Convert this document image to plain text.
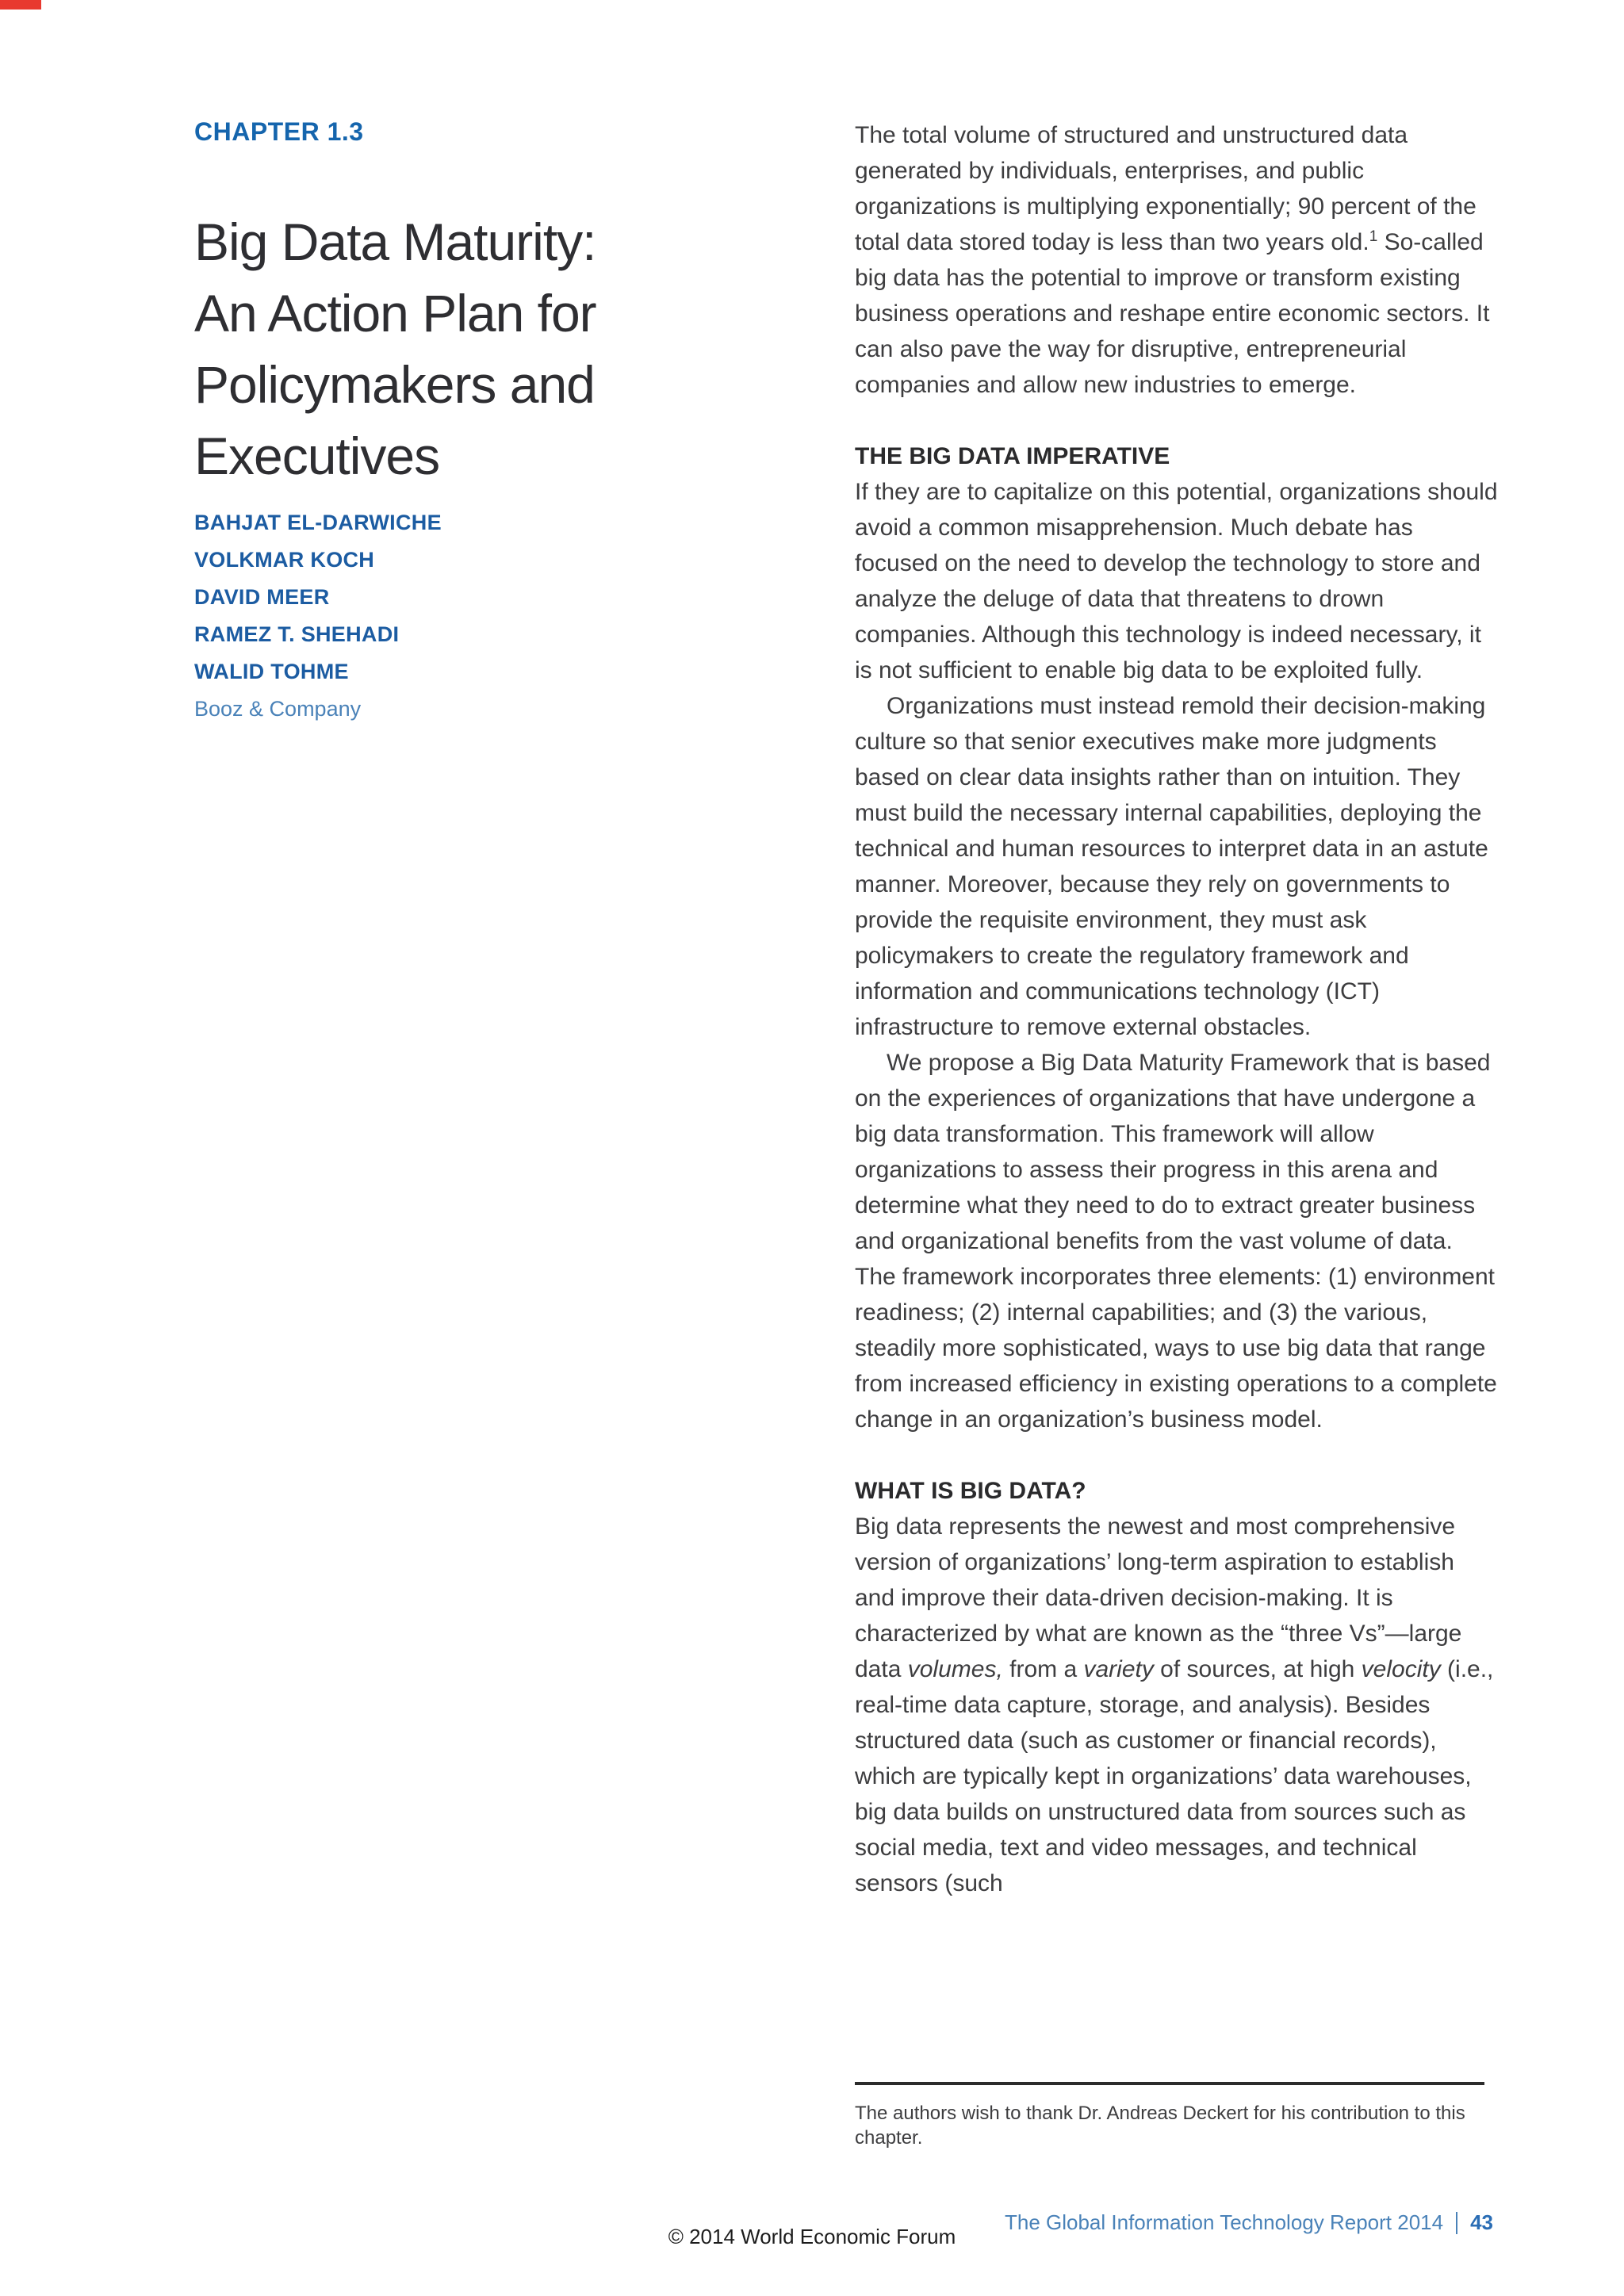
CHAPTER 1.3
Big Data Maturity:
An Action Plan for
Policymakers and
Executives
BAHJAT EL-DARWICHE
VOLKMAR KOCH
DAVID MEER
RAMEZ T. SHEHADI
WALID TOHME
Booz & Company

The total volume of structured and unstructured data generated by individuals, enterprises, and public organizations is multiplying exponentially; 90 percent of the total data stored today is less than two years old.$^1$ So-called big data has the potential to improve or transform existing business operations and reshape entire economic sectors. It can also pave the way for disruptive, entrepreneurial companies and allow new industries to emerge.

THE BIG DATA IMPERATIVE

If they are to capitalize on this potential, organizations should avoid a common misapprehension. Much debate has focused on the need to develop the technology to store and analyze the deluge of data that threatens to drown companies. Although this technology is indeed necessary, it is not sufficient to enable big data to be exploited fully.

Organizations must instead remold their decision-making culture so that senior executives make more judgments based on clear data insights rather than on intuition. They must build the necessary internal capabilities, deploying the technical and human resources to interpret data in an astute manner. Moreover, because they rely on governments to provide the requisite environment, they must ask policymakers to create the regulatory framework and information and communications technology (ICT) infrastructure to remove external obstacles.

We propose a Big Data Maturity Framework that is based on the experiences of organizations that have undergone a big data transformation. This framework will allow organizations to assess their progress in this arena and determine what they need to do to extract greater business and organizational benefits from the vast volume of data. The framework incorporates three elements: (1) environment readiness; (2) internal capabilities; and (3) the various, steadily more sophisticated, ways to use big data that range from increased efficiency in existing operations to a complete change in an organization’s business model.

WHAT IS BIG DATA?

Big data represents the newest and most comprehensive version of organizations’ long-term aspiration to establish and improve their data-driven decision-making. It is characterized by what are known as the “three Vs”—large data volumes, from a variety of sources, at high velocity (i.e., real-time data capture, storage, and analysis). Besides structured data (such as customer or financial records), which are typically kept in organizations’ data warehouses, big data builds on unstructured data from sources such as social media, text and video messages, and technical sensors (such

The authors wish to thank Dr. Andreas Deckert for his contribution to this
chapter.

© 2014 World Economic Forum
The Global Information Technology Report 2014 43
